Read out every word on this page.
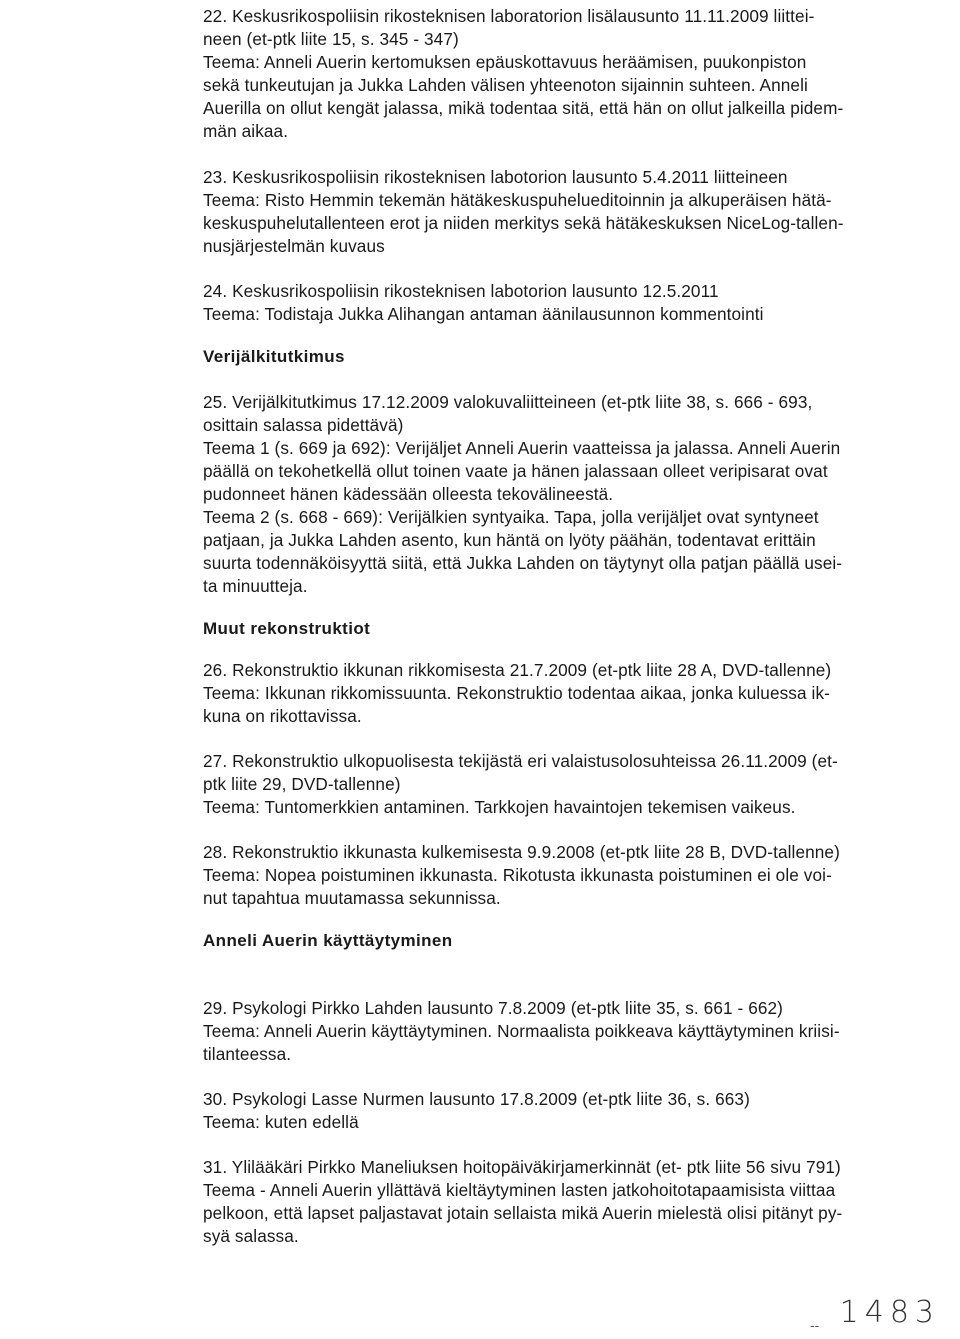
22. Keskusrikospoliisin rikosteknisen laboratorion lisälausunto 11.11.2009 liittei-
neen (et-ptk liite 15, s. 345 - 347)
Teema: Anneli Auerin kertomuksen epäuskottavuus heräämisen, puukonpiston
sekä tunkeutujan ja Jukka Lahden välisen yhteenoton sijainnin suhteen. Anneli
Auerilla on ollut kengät jalassa, mikä todentaa sitä, että hän on ollut jalkeilla pidem-
män aikaa.
23. Keskusrikospoliisin rikosteknisen labotorion lausunto 5.4.2011 liitteineen
Teema: Risto Hemmin tekemän hätäkeskuspuhelueditoinnin ja alkuperäisen hätä-
keskuspuhelutallenteen erot ja niiden merkitys sekä hätäkeskuksen NiceLog-tallen-
nusjärjestelmän kuvaus
24. Keskusrikospoliisin rikosteknisen labotorion lausunto 12.5.2011
Teema: Todistaja Jukka Alihangan antaman äänilausunnon kommentointi
Verijälkitutkimus
25. Verijälkitutkimus 17.12.2009 valokuvaliitteineen (et-ptk liite 38, s. 666 - 693,
osittain salassa pidettävä)
Teema 1 (s. 669 ja 692): Verijäljet Anneli Auerin vaatteissa ja jalassa. Anneli Auerin
päällä on tekohetkellä ollut toinen vaate ja hänen jalassaan olleet veripisarat ovat
pudonneet hänen kädessään olleesta tekovälineestä.
Teema 2 (s. 668 - 669): Verijälkien syntyaika. Tapa, jolla verijäljet ovat syntyneet
patjaan, ja Jukka Lahden asento, kun häntä on lyöty päähän, todentavat erittäin
suurta todennäköisyyttä siitä, että Jukka Lahden on täytynyt olla patjan päällä usei-
ta minuutteja.
Muut rekonstruktiot
26. Rekonstruktio ikkunan rikkomisesta 21.7.2009 (et-ptk liite 28 A, DVD-tallenne)
Teema: Ikkunan rikkomissuunta. Rekonstruktio todentaa aikaa, jonka kuluessa ik-
kuna on rikottavissa.
27. Rekonstruktio ulkopuolisesta tekijästä eri valaistusolosuhteissa 26.11.2009 (et-
ptk liite 29, DVD-tallenne)
Teema: Tuntomerkkien antaminen. Tarkkojen havaintojen tekemisen vaikeus.
28. Rekonstruktio ikkunasta kulkemisesta 9.9.2008 (et-ptk liite 28 B, DVD-tallenne)
Teema: Nopea poistuminen ikkunasta. Rikotusta ikkunasta poistuminen ei ole voi-
nut tapahtua muutamassa sekunnissa.
Anneli Auerin käyttäytyminen
29. Psykologi Pirkko Lahden lausunto 7.8.2009 (et-ptk liite 35, s. 661 - 662)
Teema: Anneli Auerin käyttäytyminen. Normaalista poikkeava käyttäytyminen kriisi-
tilanteessa.
30. Psykologi Lasse Nurmen lausunto 17.8.2009 (et-ptk liite 36, s. 663)
Teema: kuten edellä
31. Ylilääkäri Pirkko Maneliuksen hoitopäiväkirjamerkinnät (et- ptk liite 56 sivu 791)
Teema - Anneli Auerin yllättävä kieltäytyminen lasten jatkohoitotapaamisista viittaa
pelkoon, että lapset paljastavat jotain sellaista mikä Auerin mielestä olisi pitänyt py-
syä salassa.
-- 1483
